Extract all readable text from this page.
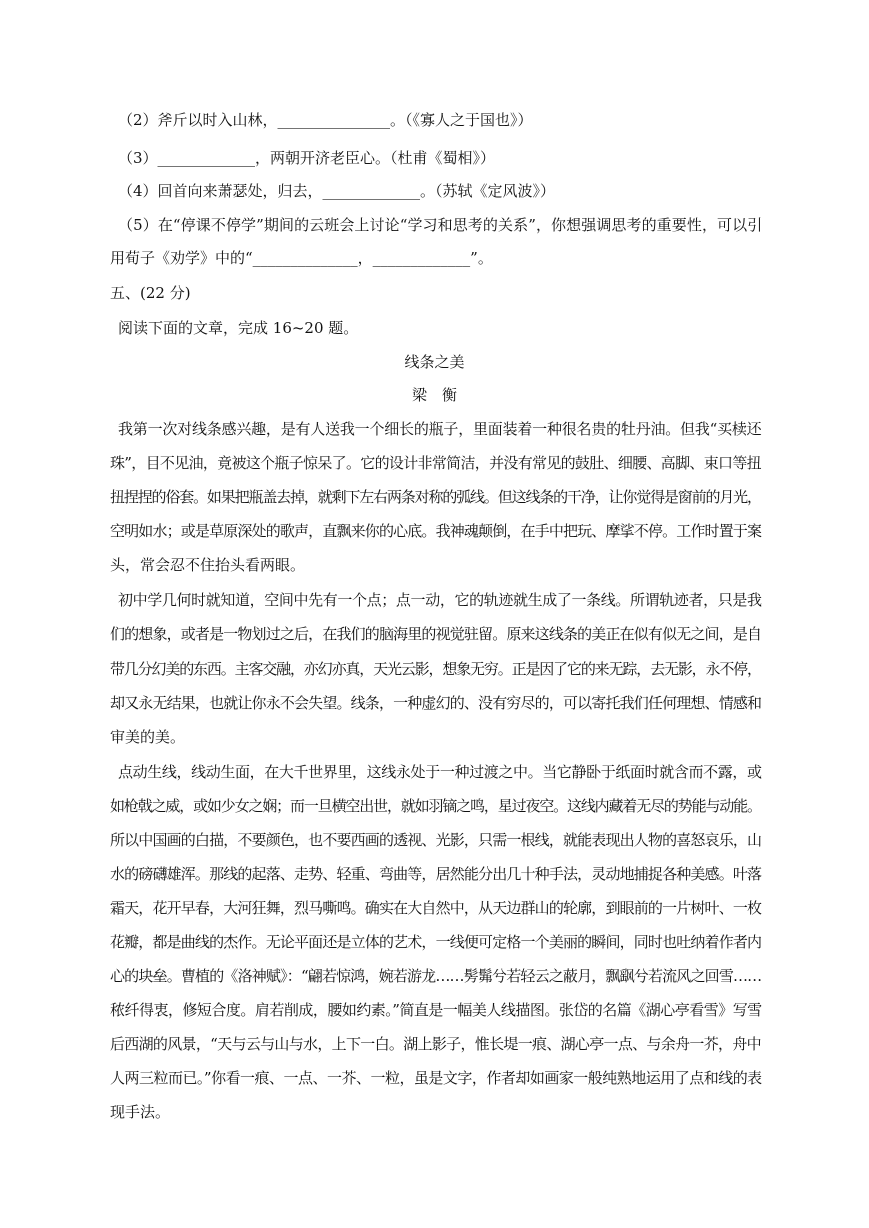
（2）斧斤以时入山林，_______________。（《寡人之于国也》）
（3）_____________，两朝开济老臣心。（杜甫《蜀相》）
（4）回首向来萧瑟处，归去，_____________。（苏轼《定风波》）
（5）在“停课不停学”期间的云班会上讨论“学习和思考的关系”，你想强调思考的重要性，可以引
用荀子《劝学》中的“______________，_____________”。
五、(22 分)
阅读下面的文章，完成 16~20 题。
线条之美
梁　衡
我第一次对线条感兴趣，是有人送我一个细长的瓶子，里面装着一种很名贵的牡丹油。但我“买椟还
珠”，目不见油，竟被这个瓶子惊呆了。它的设计非常简洁，并没有常见的鼓肚、细腰、高脚、束口等扭
扭捏捏的俗套。如果把瓶盖去掉，就剩下左右两条对称的弧线。但这线条的干净，让你觉得是窗前的月光，
空明如水；或是草原深处的歌声，直飘来你的心底。我神魂颠倒，在手中把玩、摩挲不停。工作时置于案
头，常会忍不住抬头看两眼。
初中学几何时就知道，空间中先有一个点；点一动，它的轨迹就生成了一条线。所谓轨迹者，只是我
们的想象，或者是一物划过之后，在我们的脑海里的视觉驻留。原来这线条的美正在似有似无之间，是自
带几分幻美的东西。主客交融，亦幻亦真，天光云影，想象无穷。正是因了它的来无踪，去无影，永不停，
却又永无结果，也就让你永不会失望。线条，一种虚幻的、没有穷尽的，可以寄托我们任何理想、情感和
审美的美。
点动生线，线动生面，在大千世界里，这线永处于一种过渡之中。当它静卧于纸面时就含而不露，或
如枪戟之威，或如少女之娴；而一旦横空出世，就如羽镝之鸣，星过夜空。这线内藏着无尽的势能与动能。
所以中国画的白描，不要颜色，也不要西画的透视、光影，只需一根线，就能表现出人物的喜怒哀乐，山
水的磅礴雄浑。那线的起落、走势、轻重、弯曲等，居然能分出几十种手法，灵动地捕捉各种美感。叶落
霜天，花开早春，大河狂舞，烈马嘶鸣。确实在大自然中，从天边群山的轮廓，到眼前的一片树叶、一枚
花瓣，都是曲线的杰作。无论平面还是立体的艺术，一线便可定格一个美丽的瞬间，同时也吐纳着作者内
心的块垒。曹植的《洛神赋》：“翩若惊鸿，婉若游龙……髣髴兮若轻云之蔽月，飘飖兮若流风之回雪……
秾纤得衷，修短合度。肩若削成，腰如约素。”简直是一幅美人线描图。张岱的名篇《湖心亭看雪》写雪
后西湖的风景，“天与云与山与水，上下一白。湖上影子，惟长堤一痕、湖心亭一点、与余舟一芥，舟中
人两三粒而已。”你看一痕、一点、一芥、一粒，虽是文字，作者却如画家一般纯熟地运用了点和线的表
现手法。
